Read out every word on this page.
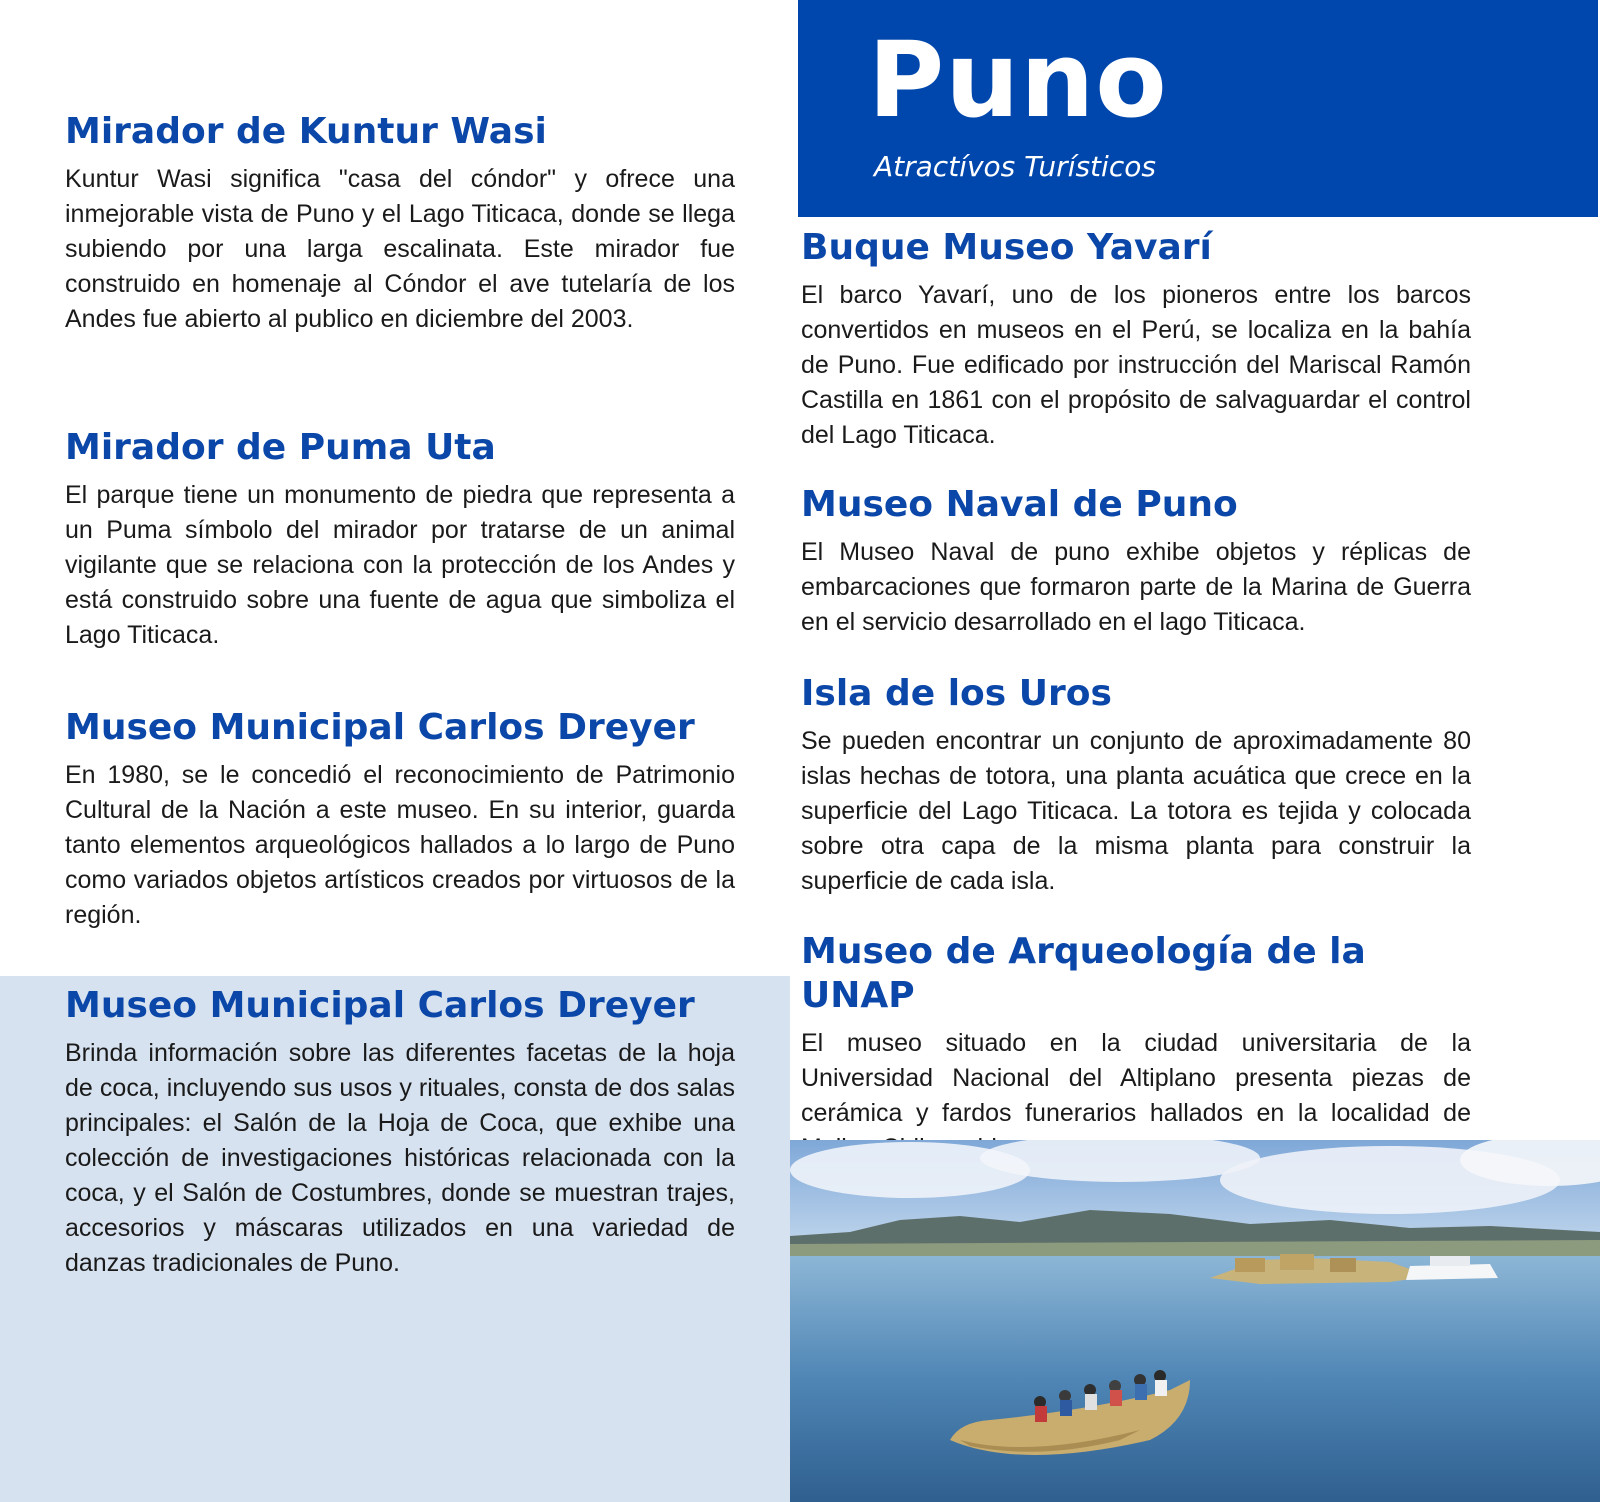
Puno
Atractívos Turísticos
Mirador de Kuntur Wasi

Kuntur Wasi significa "casa del cóndor" y ofrece una inmejorable vista de Puno y el Lago Titicaca, donde se llega subiendo por una larga escalinata. Este mirador fue construido en homenaje al Cóndor el ave tutelaría de los Andes fue abierto al publico en diciembre del 2003.

Mirador de Puma Uta

El parque tiene un monumento de piedra que representa a un Puma símbolo del mirador por tratarse de un animal vigilante que se relaciona con la protección de los Andes y está construido sobre una fuente de agua que simboliza el Lago Titicaca.

Museo Municipal Carlos Dreyer

En 1980, se le concedió el reconocimiento de Patrimonio Cultural de la Nación a este museo. En su interior, guarda tanto elementos arqueológicos hallados a lo largo de Puno como variados objetos artísticos creados por virtuosos de la región.

Museo Municipal Carlos Dreyer

Brinda información sobre las diferentes facetas de la hoja de coca, incluyendo sus usos y rituales, consta de dos salas principales: el Salón de la Hoja de Coca, que exhibe una colección de investigaciones históricas relacionada con la coca, y el Salón de Costumbres, donde se muestran trajes, accesorios y máscaras utilizados en una variedad de danzas tradicionales de Puno.

Buque Museo Yavarí

El barco Yavarí, uno de los pioneros entre los barcos convertidos en museos en el Perú, se localiza en la bahía de Puno. Fue edificado por instrucción del Mariscal Ramón Castilla en 1861 con el propósito de salvaguardar el control del Lago Titicaca.

Museo Naval de Puno

El Museo Naval de puno exhibe objetos y réplicas de embarcaciones que formaron parte de la Marina de Guerra en el servicio desarrollado en el lago Titicaca.

Isla de los Uros

Se pueden encontrar un conjunto de aproximadamente 80 islas hechas de totora, una planta acuática que crece en la superficie del Lago Titicaca. La totora es tejida y colocada sobre otra capa de la misma planta para construir la superficie de cada isla.

Museo de Arqueología de la UNAP

El museo situado en la ciudad universitaria de la Universidad Nacional del Altiplano presenta piezas de cerámica y fardos funerarios hallados en la localidad de
